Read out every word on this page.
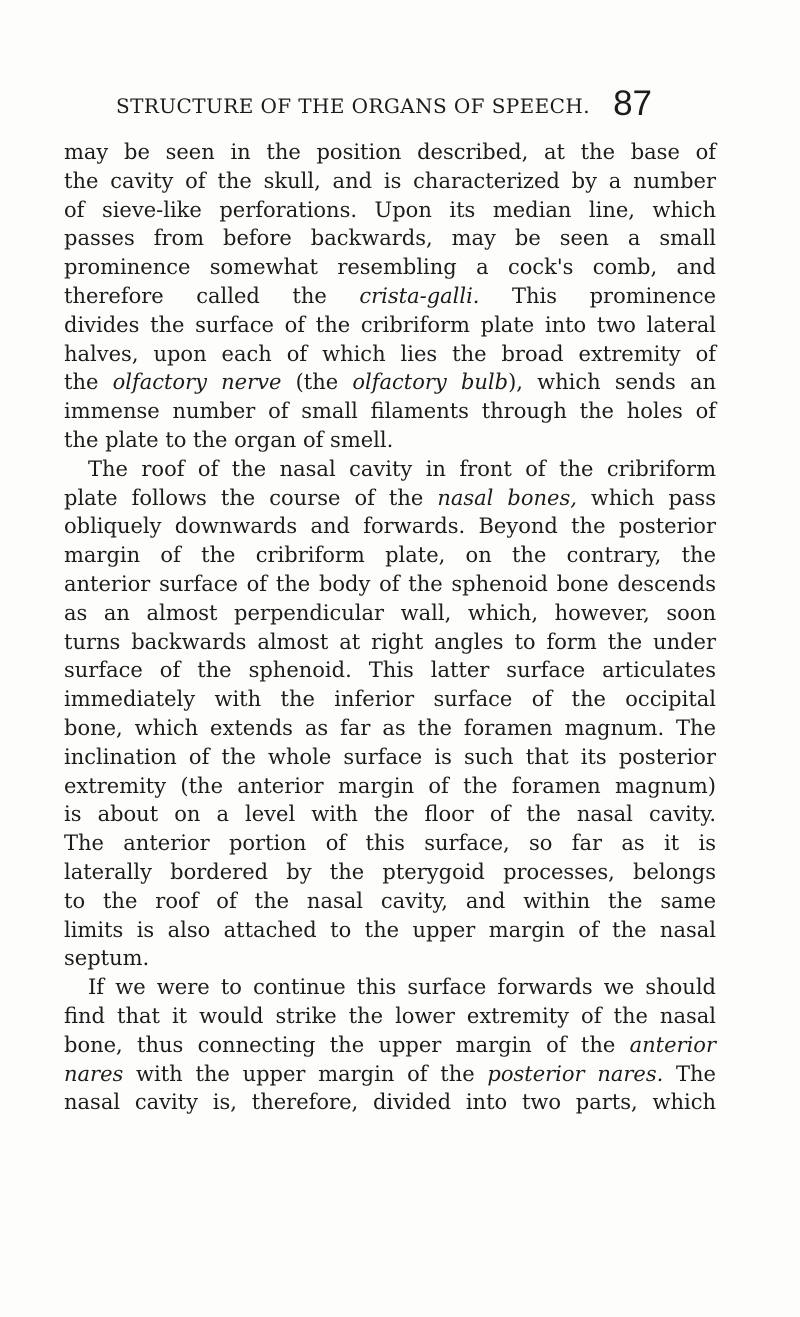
STRUCTURE OF THE ORGANS OF SPEECH. 87
may be seen in the position described, at the base of
the cavity of the skull, and is characterized by a number
of sieve-like perforations. Upon its median line, which
passes from before backwards, may be seen a small
prominence somewhat resembling a cock's comb, and
therefore called the crista-galli. This prominence
divides the surface of the cribriform plate into two lateral
halves, upon each of which lies the broad extremity of
the olfactory nerve (the olfactory bulb), which sends an
immense number of small filaments through the holes of
the plate to the organ of smell.
The roof of the nasal cavity in front of the cribriform
plate follows the course of the nasal bones, which pass
obliquely downwards and forwards. Beyond the posterior
margin of the cribriform plate, on the contrary, the
anterior surface of the body of the sphenoid bone descends
as an almost perpendicular wall, which, however, soon
turns backwards almost at right angles to form the under
surface of the sphenoid. This latter surface articulates
immediately with the inferior surface of the occipital
bone, which extends as far as the foramen magnum. The
inclination of the whole surface is such that its posterior
extremity (the anterior margin of the foramen magnum)
is about on a level with the floor of the nasal cavity.
The anterior portion of this surface, so far as it is
laterally bordered by the pterygoid processes, belongs
to the roof of the nasal cavity, and within the same
limits is also attached to the upper margin of the nasal
septum.
If we were to continue this surface forwards we should
find that it would strike the lower extremity of the nasal
bone, thus connecting the upper margin of the anterior
nares with the upper margin of the posterior nares. The
nasal cavity is, therefore, divided into two parts, which
